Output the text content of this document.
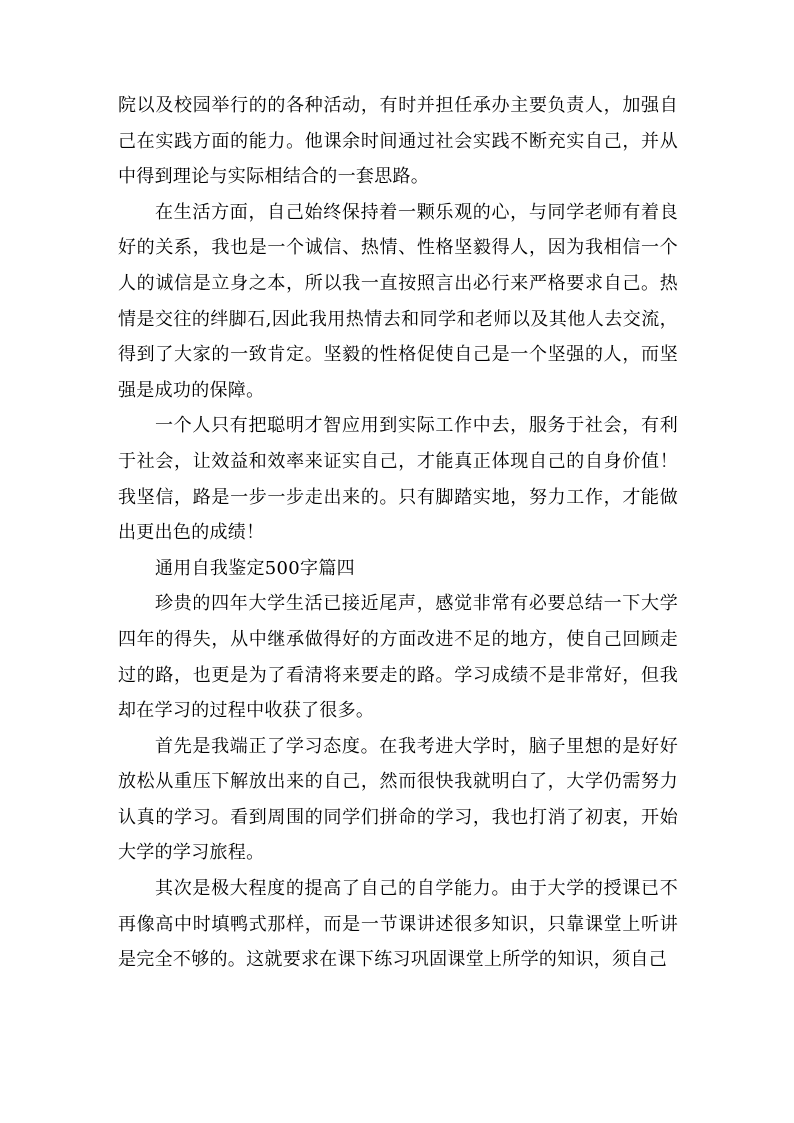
院以及校园举行的的各种活动，有时并担任承办主要负责人，加强自己在实践方面的能力。他课余时间通过社会实践不断充实自己，并从中得到理论与实际相结合的一套思路。

在生活方面，自己始终保持着一颗乐观的心，与同学老师有着良好的关系，我也是一个诚信、热情、性格坚毅得人，因为我相信一个人的诚信是立身之本，所以我一直按照言出必行来严格要求自己。热情是交往的绊脚石,因此我用热情去和同学和老师以及其他人去交流，得到了大家的一致肯定。坚毅的性格促使自己是一个坚强的人，而坚强是成功的保障。

一个人只有把聪明才智应用到实际工作中去，服务于社会，有利于社会，让效益和效率来证实自己，才能真正体现自己的自身价值！我坚信，路是一步一步走出来的。只有脚踏实地，努力工作，才能做出更出色的成绩！

通用自我鉴定500字篇四

珍贵的四年大学生活已接近尾声，感觉非常有必要总结一下大学四年的得失，从中继承做得好的方面改进不足的地方，使自己回顾走过的路，也更是为了看清将来要走的路。学习成绩不是非常好，但我却在学习的过程中收获了很多。

首先是我端正了学习态度。在我考进大学时，脑子里想的是好好放松从重压下解放出来的自己，然而很快我就明白了，大学仍需努力认真的学习。看到周围的同学们拼命的学习，我也打消了初衷，开始大学的学习旅程。

其次是极大程度的提高了自己的自学能力。由于大学的授课已不再像高中时填鸭式那样，而是一节课讲述很多知识，只靠课堂上听讲是完全不够的。这就要求在课下练习巩固课堂上所学的知识，须自己
